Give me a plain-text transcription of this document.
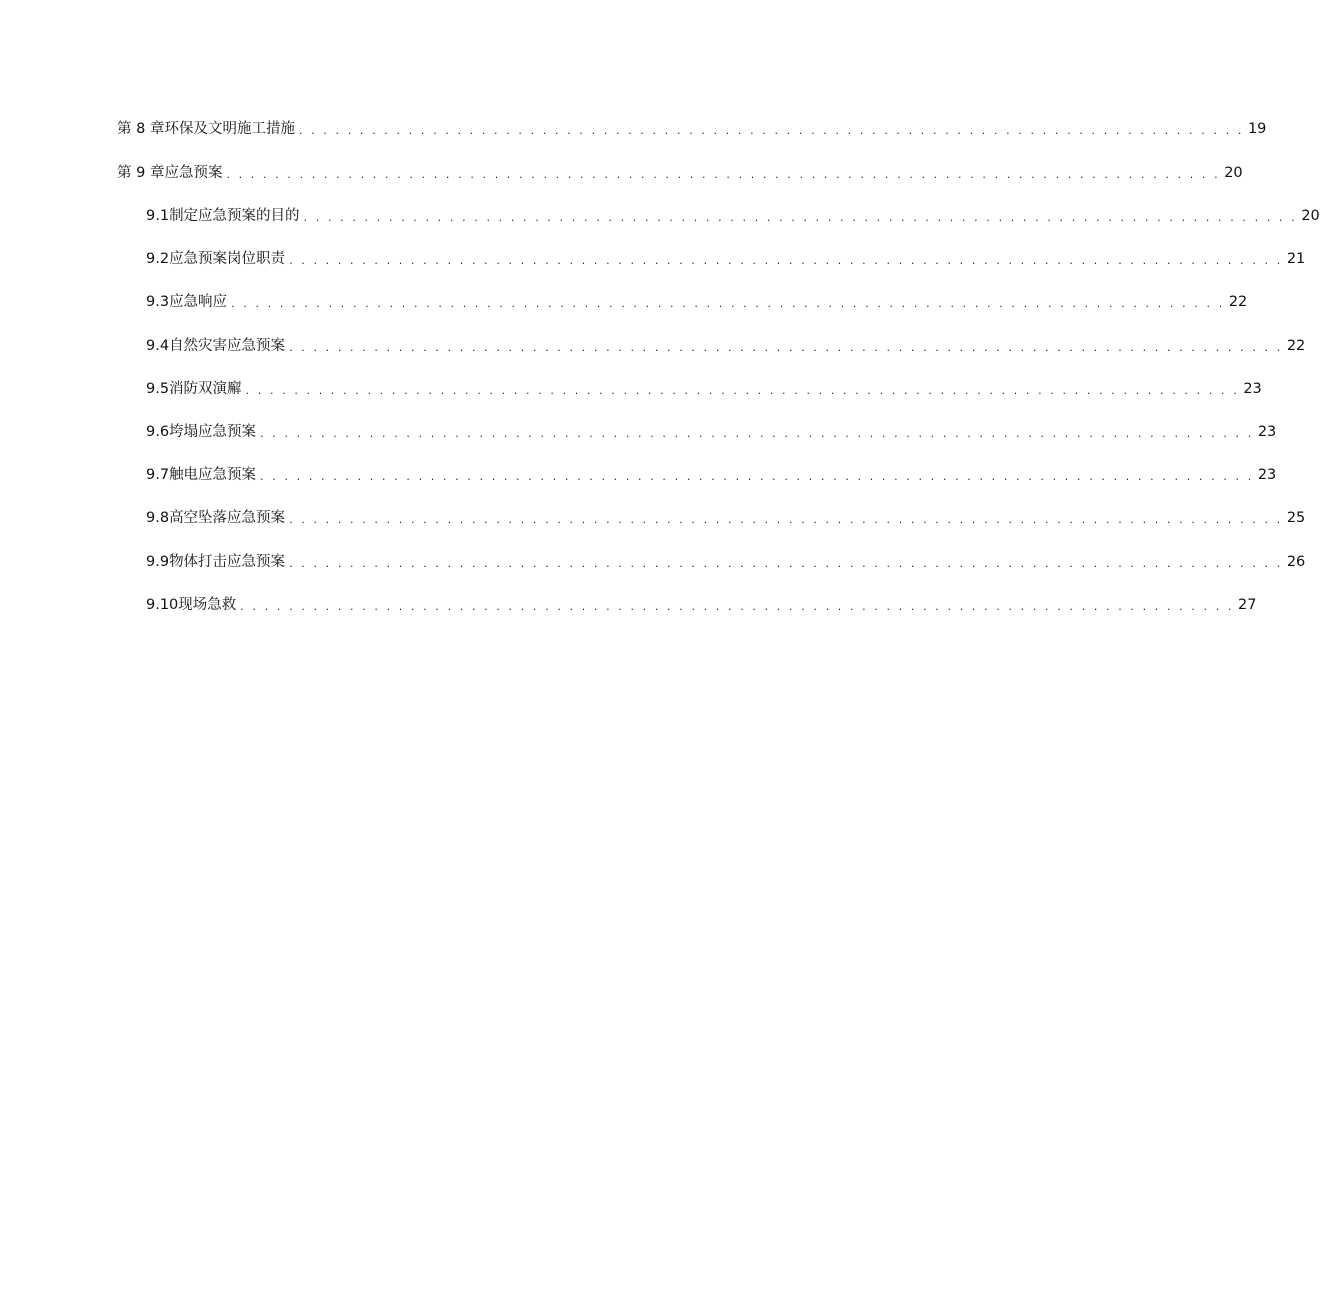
第 8 章 环保及文明施工措施 . . . . . . . . . . . . . . . . . . . . . . . . . . . . . . . . . . . . . . . . . . . . . . . . . . . . . . . . . . . . . . . . . . . . . . . . . . . . . . 19
第 9 章 应急预案 . . . . . . . . . . . . . . . . . . . . . . . . . . . . . . . . . . . . . . . . . . . . . . . . . . . . . . . . . . . . . . . . . . . . . . . . . . . . . . . . . . 20
9.1 制定应急预案的目的 . . . . . . . . . . . . . . . . . . . . . . . . . . . . . . . . . . . . . . . . . . . . . . . . . . . . . . . . . . . . . . . . . . . . . . . . . . . . . . . . . . 20
9.2 应急预案岗位职责 . . . . . . . . . . . . . . . . . . . . . . . . . . . . . . . . . . . . . . . . . . . . . . . . . . . . . . . . . . . . . . . . . . . . . . . . . . . . . . . . . . 21
9.3 应急响应 . . . . . . . . . . . . . . . . . . . . . . . . . . . . . . . . . . . . . . . . . . . . . . . . . . . . . . . . . . . . . . . . . . . . . . . . . . . . . . . . . . 22
9.4 自然灾害应急预案 . . . . . . . . . . . . . . . . . . . . . . . . . . . . . . . . . . . . . . . . . . . . . . . . . . . . . . . . . . . . . . . . . . . . . . . . . . . . . . . . . . 22
9.5 消防双演廨 . . . . . . . . . . . . . . . . . . . . . . . . . . . . . . . . . . . . . . . . . . . . . . . . . . . . . . . . . . . . . . . . . . . . . . . . . . . . . . . . . . 23
9.6 垮塌应急预案 . . . . . . . . . . . . . . . . . . . . . . . . . . . . . . . . . . . . . . . . . . . . . . . . . . . . . . . . . . . . . . . . . . . . . . . . . . . . . . . . . . 23
9.7 触电应急预案 . . . . . . . . . . . . . . . . . . . . . . . . . . . . . . . . . . . . . . . . . . . . . . . . . . . . . . . . . . . . . . . . . . . . . . . . . . . . . . . . . . 23
9.8 高空坠落应急预案 . . . . . . . . . . . . . . . . . . . . . . . . . . . . . . . . . . . . . . . . . . . . . . . . . . . . . . . . . . . . . . . . . . . . . . . . . . . . . . . . . . 25
9.9 物体打击应急预案 . . . . . . . . . . . . . . . . . . . . . . . . . . . . . . . . . . . . . . . . . . . . . . . . . . . . . . . . . . . . . . . . . . . . . . . . . . . . . . . . . . 26
9.10 现场急救 . . . . . . . . . . . . . . . . . . . . . . . . . . . . . . . . . . . . . . . . . . . . . . . . . . . . . . . . . . . . . . . . . . . . . . . . . . . . . . . . . . 27
